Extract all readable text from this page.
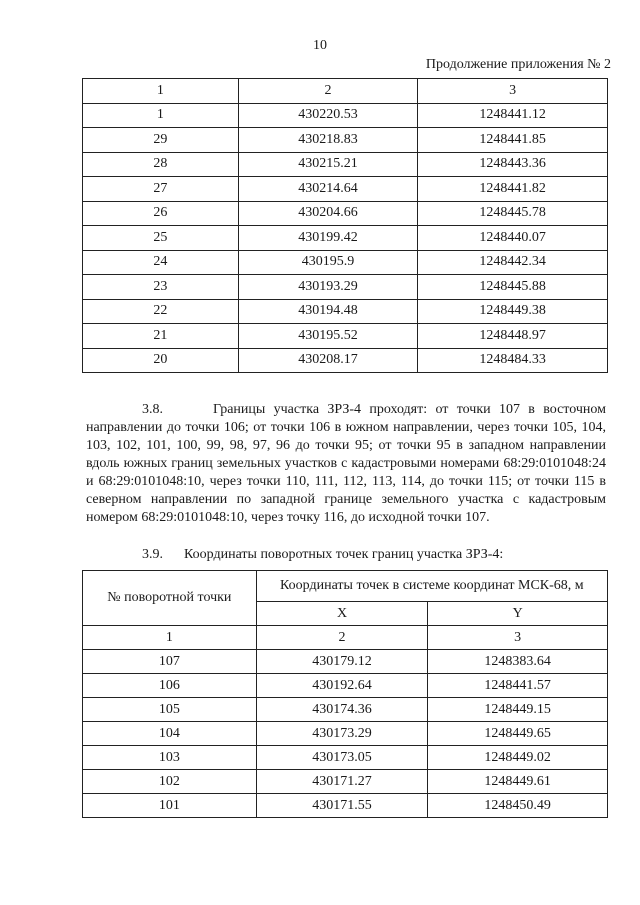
10
Продолжение приложения № 2
1	2	3
1	430220.53	1248441.12
29	430218.83	1248441.85
28	430215.21	1248443.36
27	430214.64	1248441.82
26	430204.66	1248445.78
25	430199.42	1248440.07
24	430195.9	1248442.34
23	430193.29	1248445.88
22	430194.48	1248449.38
21	430195.52	1248448.97
20	430208.17	1248484.33
3.8.	Границы участка ЗРЗ-4 проходят: от точки 107 в восточном направлении до точки 106; от точки 106 в южном направлении, через точки 105, 104, 103, 102, 101, 100, 99, 98, 97, 96 до точки 95; от точки 95 в западном направлении вдоль южных границ земельных участков с кадастровыми номерами 68:29:0101048:24 и 68:29:0101048:10, через точки 110, 111, 112, 113, 114, до точки 115; от точки 115 в северном направлении по западной границе земельного участка с кадастровым номером 68:29:0101048:10, через точку 116, до исходной точки 107.
3.9. Координаты поворотных точек границ участка ЗРЗ-4:
№ поворотной точки	Координаты точек в системе координат МСК-68, м	
	X	Y
1	2	3
107	430179.12	1248383.64
106	430192.64	1248441.57
105	430174.36	1248449.15
104	430173.29	1248449.65
103	430173.05	1248449.02
102	430171.27	1248449.61
101	430171.55	1248450.49
